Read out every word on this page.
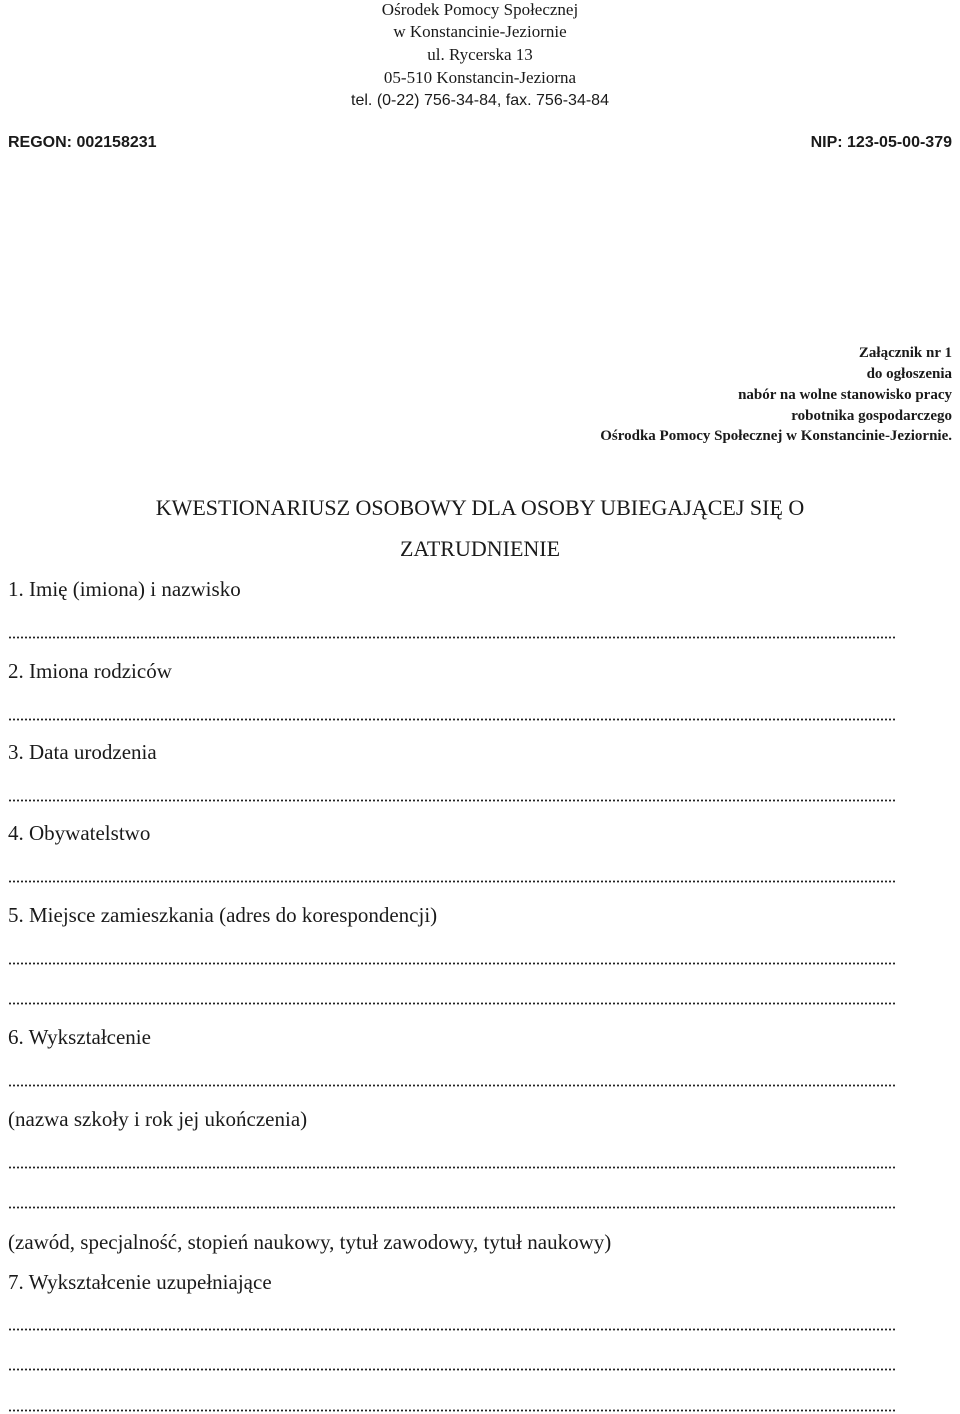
Ośrodek Pomocy Społecznej
w Konstancinie-Jeziornie
ul. Rycerska 13
05-510 Konstancin-Jeziorna
tel. (0-22) 756-34-84, fax. 756-34-84
REGON: 002158231	NIP: 123-05-00-379
Załącznik nr 1
do ogłoszenia
nabór na wolne stanowisko pracy
robotnika gospodarczego
Ośrodka Pomocy Społecznej w Konstancinie-Jeziornie.
KWESTIONARIUSZ OSOBOWY DLA OSOBY UBIEGAJĄCEJ SIĘ O
ZATRUDNIENIE
1. Imię (imiona) i nazwisko
2. Imiona rodziców
3. Data urodzenia
4. Obywatelstwo
5. Miejsce zamieszkania (adres do korespondencji)
6. Wykształcenie
(nazwa szkoły i rok jej ukończenia)
(zawód, specjalność, stopień naukowy, tytuł zawodowy, tytuł naukowy)
7. Wykształcenie uzupełniające
